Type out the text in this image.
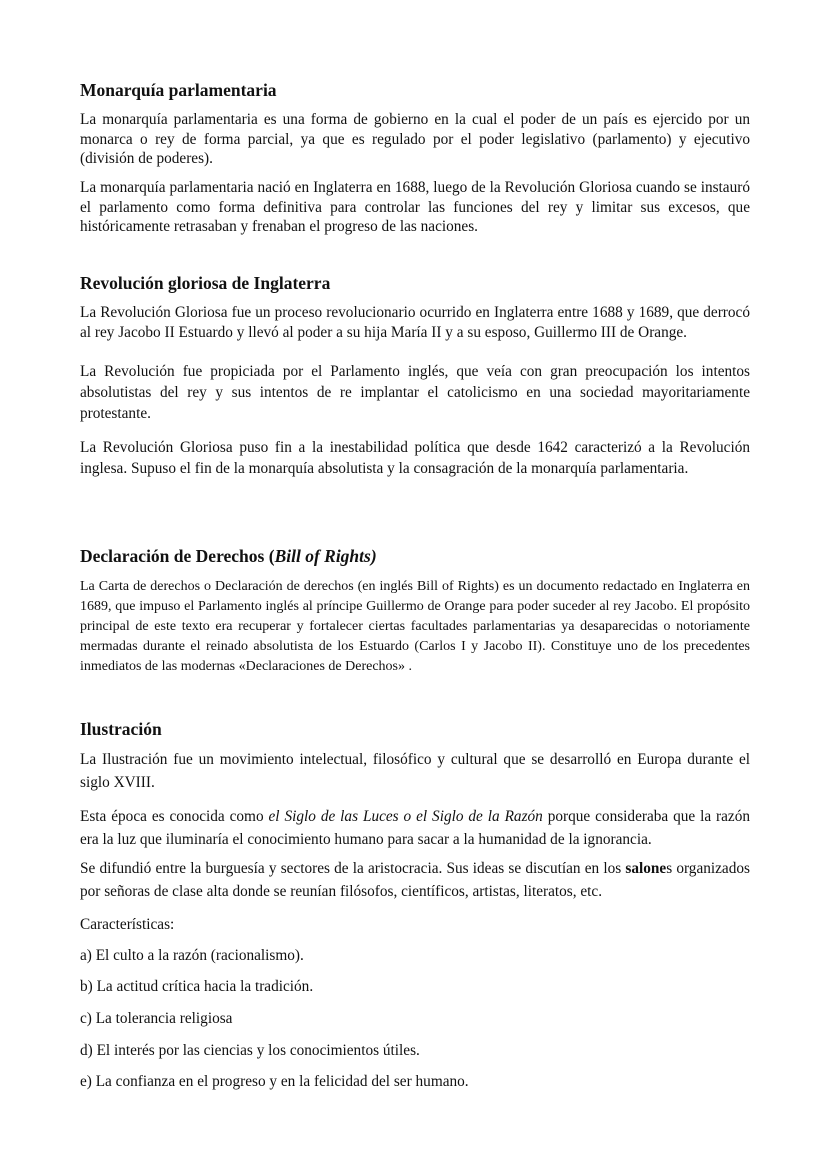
Monarquía parlamentaria

La monarquía parlamentaria es una forma de gobierno en la cual el poder de un país es ejercido por un monarca o rey de forma parcial, ya que es regulado por el poder legislativo (parlamento) y ejecutivo (división de poderes).

La monarquía parlamentaria nació en Inglaterra en 1688, luego de la Revolución Gloriosa cuando se instauró el parlamento como forma definitiva para controlar las funciones del rey y limitar sus excesos, que históricamente retrasaban y frenaban el progreso de las naciones.

Revolución gloriosa de Inglaterra

La Revolución Gloriosa fue un proceso revolucionario ocurrido en Inglaterra entre 1688 y 1689, que derrocó al rey Jacobo II Estuardo y llevó al poder a su hija María II y a su esposo, Guillermo III de Orange.

La Revolución fue propiciada por el Parlamento inglés, que veía con gran preocupación los intentos absolutistas del rey y sus intentos de re implantar el catolicismo en una sociedad mayoritariamente protestante.

La Revolución Gloriosa puso fin a la inestabilidad política que desde 1642 caracterizó a la Revolución inglesa. Supuso el fin de la monarquía absolutista y la consagración de la monarquía parlamentaria.

Declaración de Derechos (Bill of Rights)

La Carta de derechos o Declaración de derechos (en inglés Bill of Rights) es un documento redactado en Inglaterra en 1689, que impuso el Parlamento inglés al príncipe Guillermo de Orange para poder suceder al rey Jacobo. El propósito principal de este texto era recuperar y fortalecer ciertas facultades parlamentarias ya desaparecidas o notoriamente mermadas durante el reinado absolutista de los Estuardo (Carlos I y Jacobo II). Constituye uno de los precedentes inmediatos de las modernas «Declaraciones de Derechos» .

Ilustración

La Ilustración fue un movimiento intelectual, filosófico y cultural que se desarrolló en Europa durante el siglo XVIII.

Esta época es conocida como el Siglo de las Luces o el Siglo de la Razón porque consideraba que la razón era la luz que iluminaría el conocimiento humano para sacar a la humanidad de la ignorancia.

Se difundió entre la burguesía y sectores de la aristocracia. Sus ideas se discutían en los salones organizados por señoras de clase alta donde se reunían filósofos, científicos, artistas, literatos, etc.

Características:

a) El culto a la razón (racionalismo).

b) La actitud crítica hacia la tradición.

c) La tolerancia religiosa

d) El interés por las ciencias y los conocimientos útiles.

e) La confianza en el progreso y en la felicidad del ser humano.
